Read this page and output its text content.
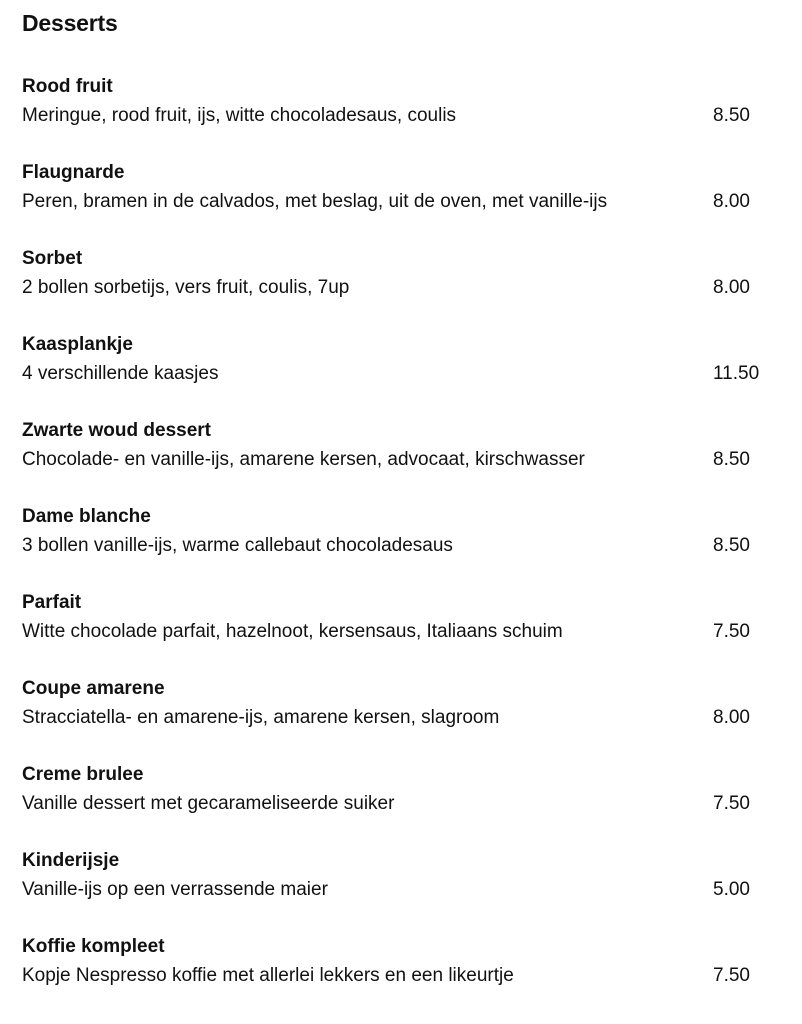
Desserts
Rood fruit
Meringue, rood fruit, ijs, witte chocoladesaus, coulis	8.50
Flaugnarde
Peren, bramen in de calvados, met beslag, uit de oven, met vanille-ijs	8.00
Sorbet
2 bollen sorbetijs, vers fruit, coulis, 7up	8.00
Kaasplankje
4 verschillende kaasjes	11.50
Zwarte woud dessert
Chocolade- en vanille-ijs, amarene kersen, advocaat, kirschwasser	8.50
Dame blanche
3 bollen vanille-ijs, warme callebaut chocoladesaus	8.50
Parfait
Witte chocolade parfait, hazelnoot, kersensaus, Italiaans schuim	7.50
Coupe amarene
Stracciatella- en amarene-ijs, amarene kersen, slagroom	8.00
Creme brulee
Vanille dessert met gecarameliseerde suiker	7.50
Kinderijsje
Vanille-ijs op een verrassende maier	5.00
Koffie kompleet
Kopje Nespresso koffie met allerlei lekkers en een likeurtje	7.50
